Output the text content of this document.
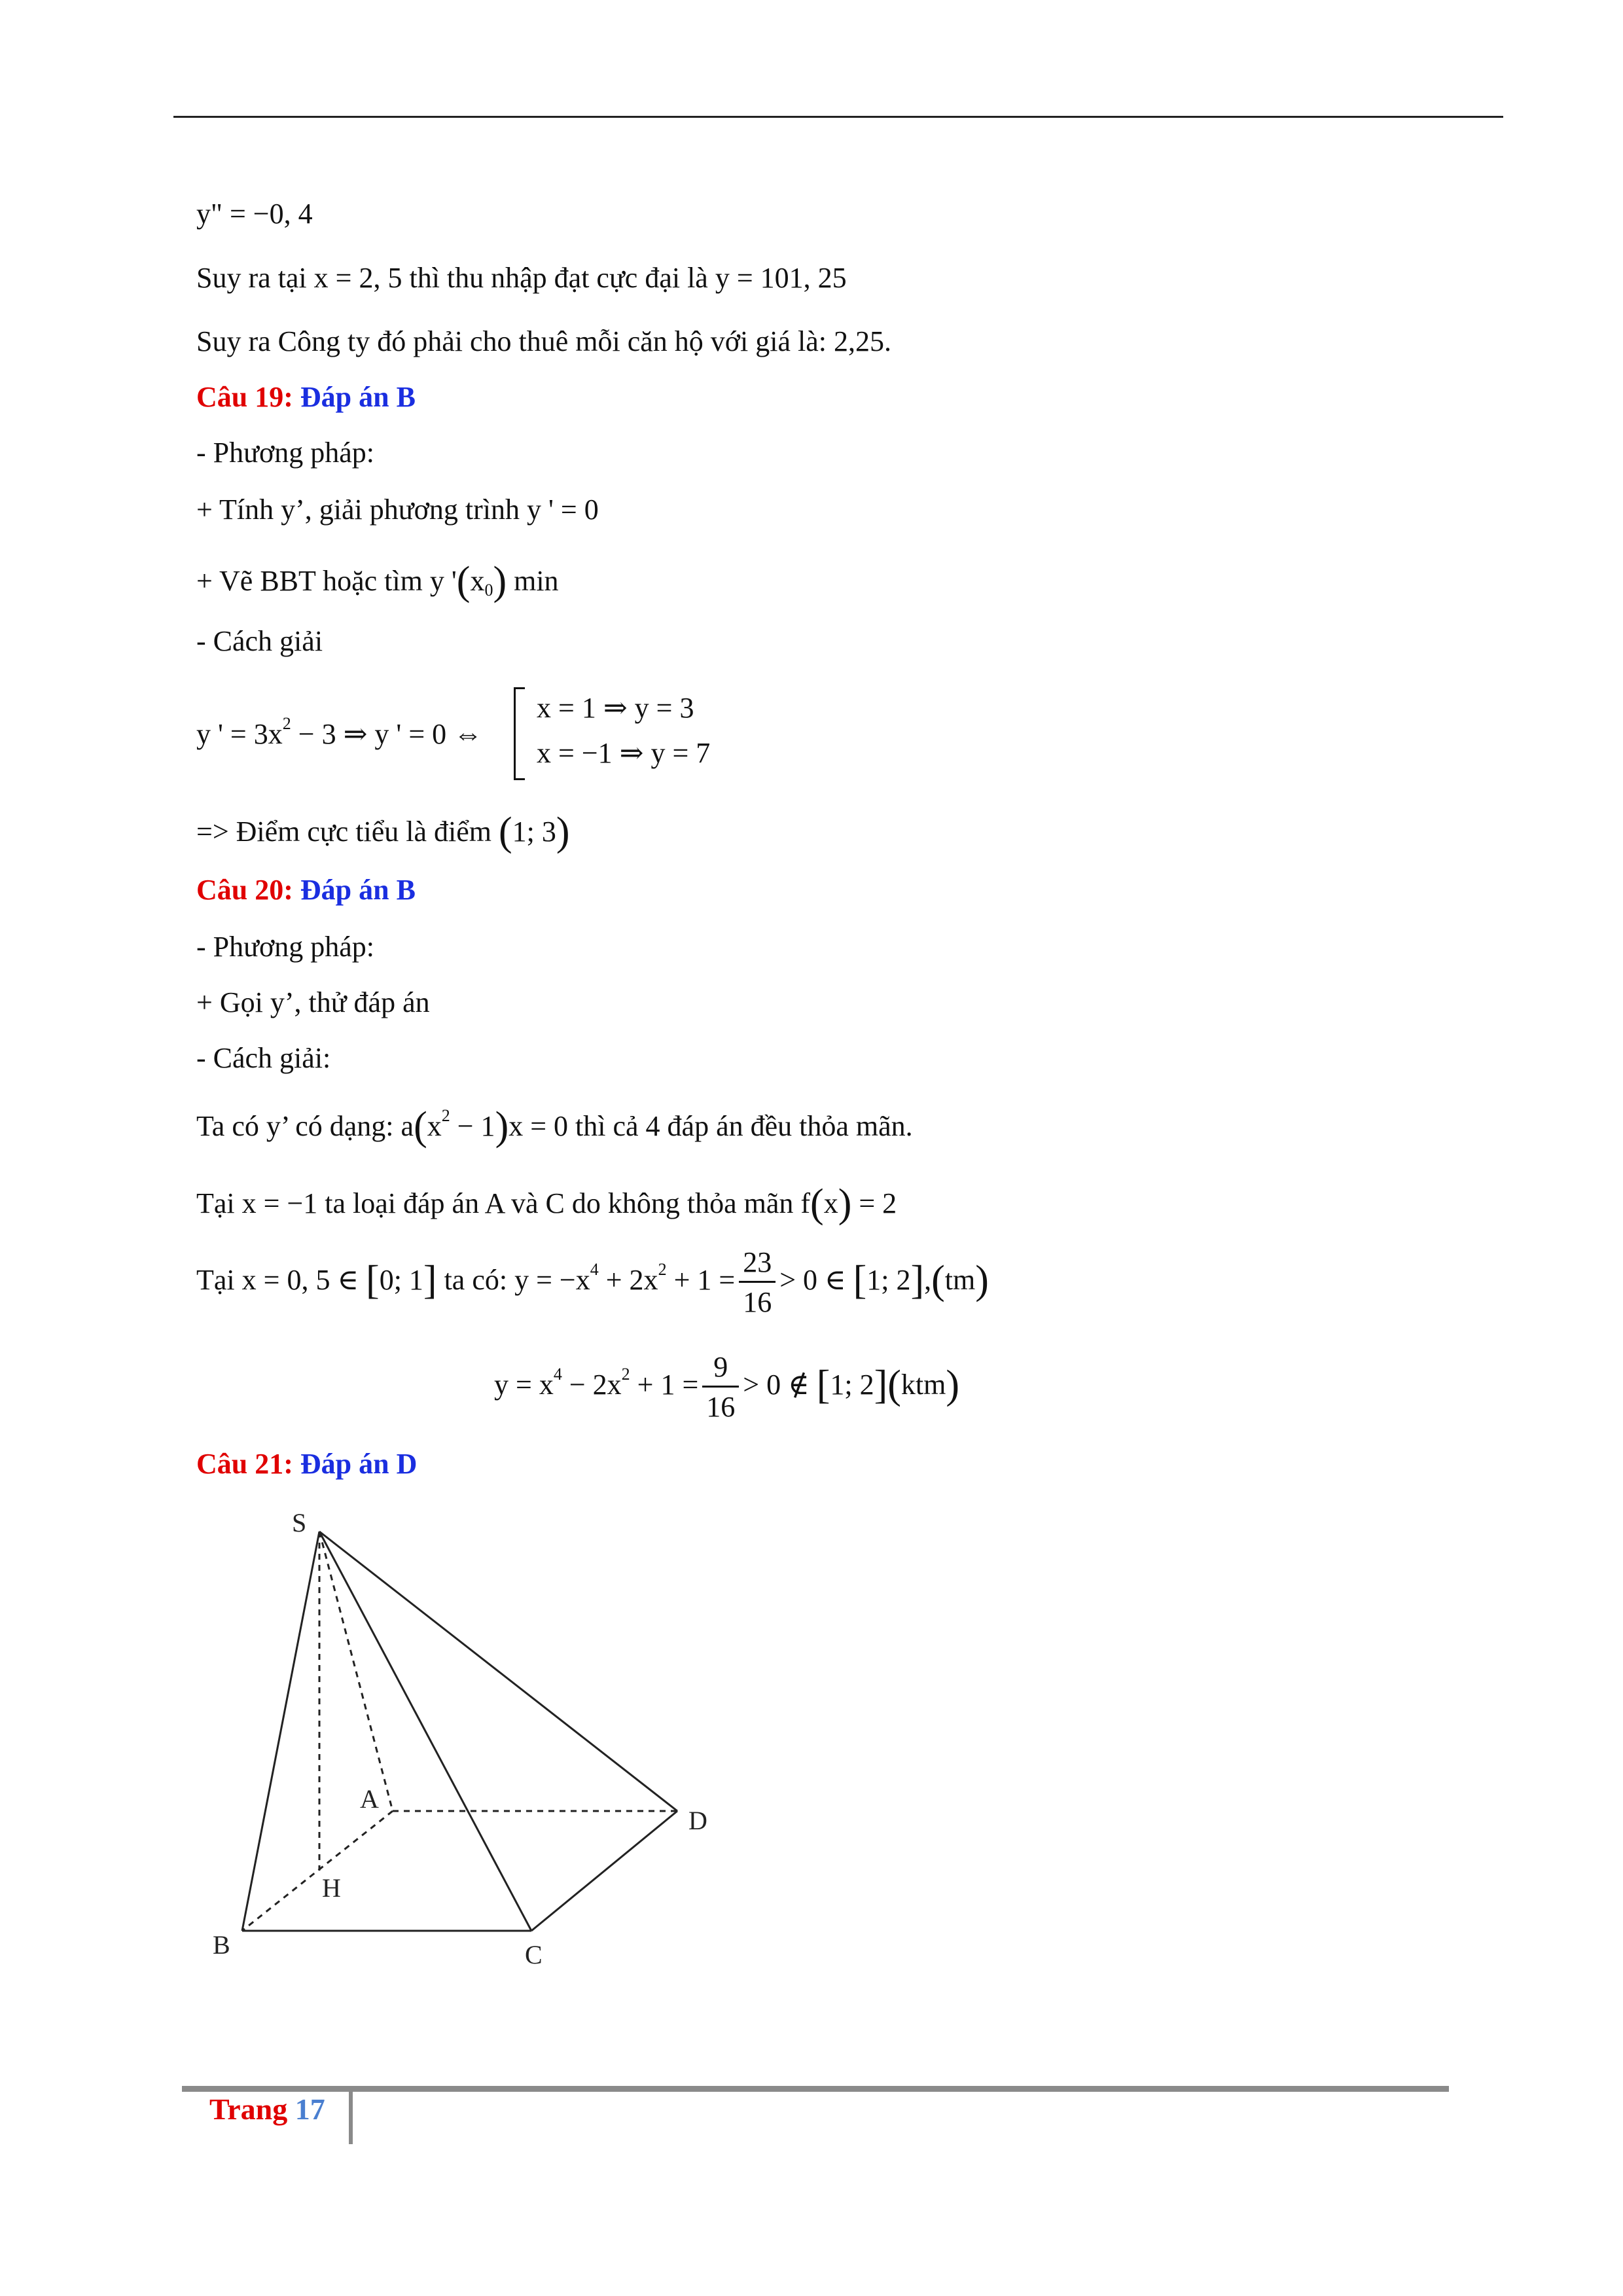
y" = −0, 4
Suy ra tại x = 2, 5 thì thu nhập đạt cực đại là y = 101, 25
Suy ra Công ty đó phải cho thuê mỗi căn hộ với giá là: 2,25.
Câu 19: Đáp án B
- Phương pháp:
+ Tính y’, giải phương trình y ' = 0
+ Vẽ BBT hoặc tìm y '$(x_0)$ min
- Cách giải
y ' = $3x^2 - 3$ ⇒ y ' = 0 ⇔
x = 1 ⇒ y = 3
x = −1 ⇒ y = 7
=> Điểm cực tiểu là điểm (1; 3)
Câu 20: Đáp án B
- Phương pháp:
+ Gọi y’, thử đáp án
- Cách giải:
Ta có y’ có dạng: $a(x^2 - 1)x = 0$ thì cả 4 đáp án đều thỏa mãn.
Tại x = −1 ta loại đáp án A và C do không thỏa mãn f(x) = 2
Tại x = 0, 5 ∈ [0; 1] ta có: $y = -x^4 + 2x^2 + 1 = \frac{23}{16} > 0$ ∈ [1; 2],(tm)
$y = x^4 - 2x^2 + 1 = \frac{9}{16} > 0$ ∉ [1; 2](ktm)
Câu 21: Đáp án D
S
A
H
B	C
D
Trang 17
